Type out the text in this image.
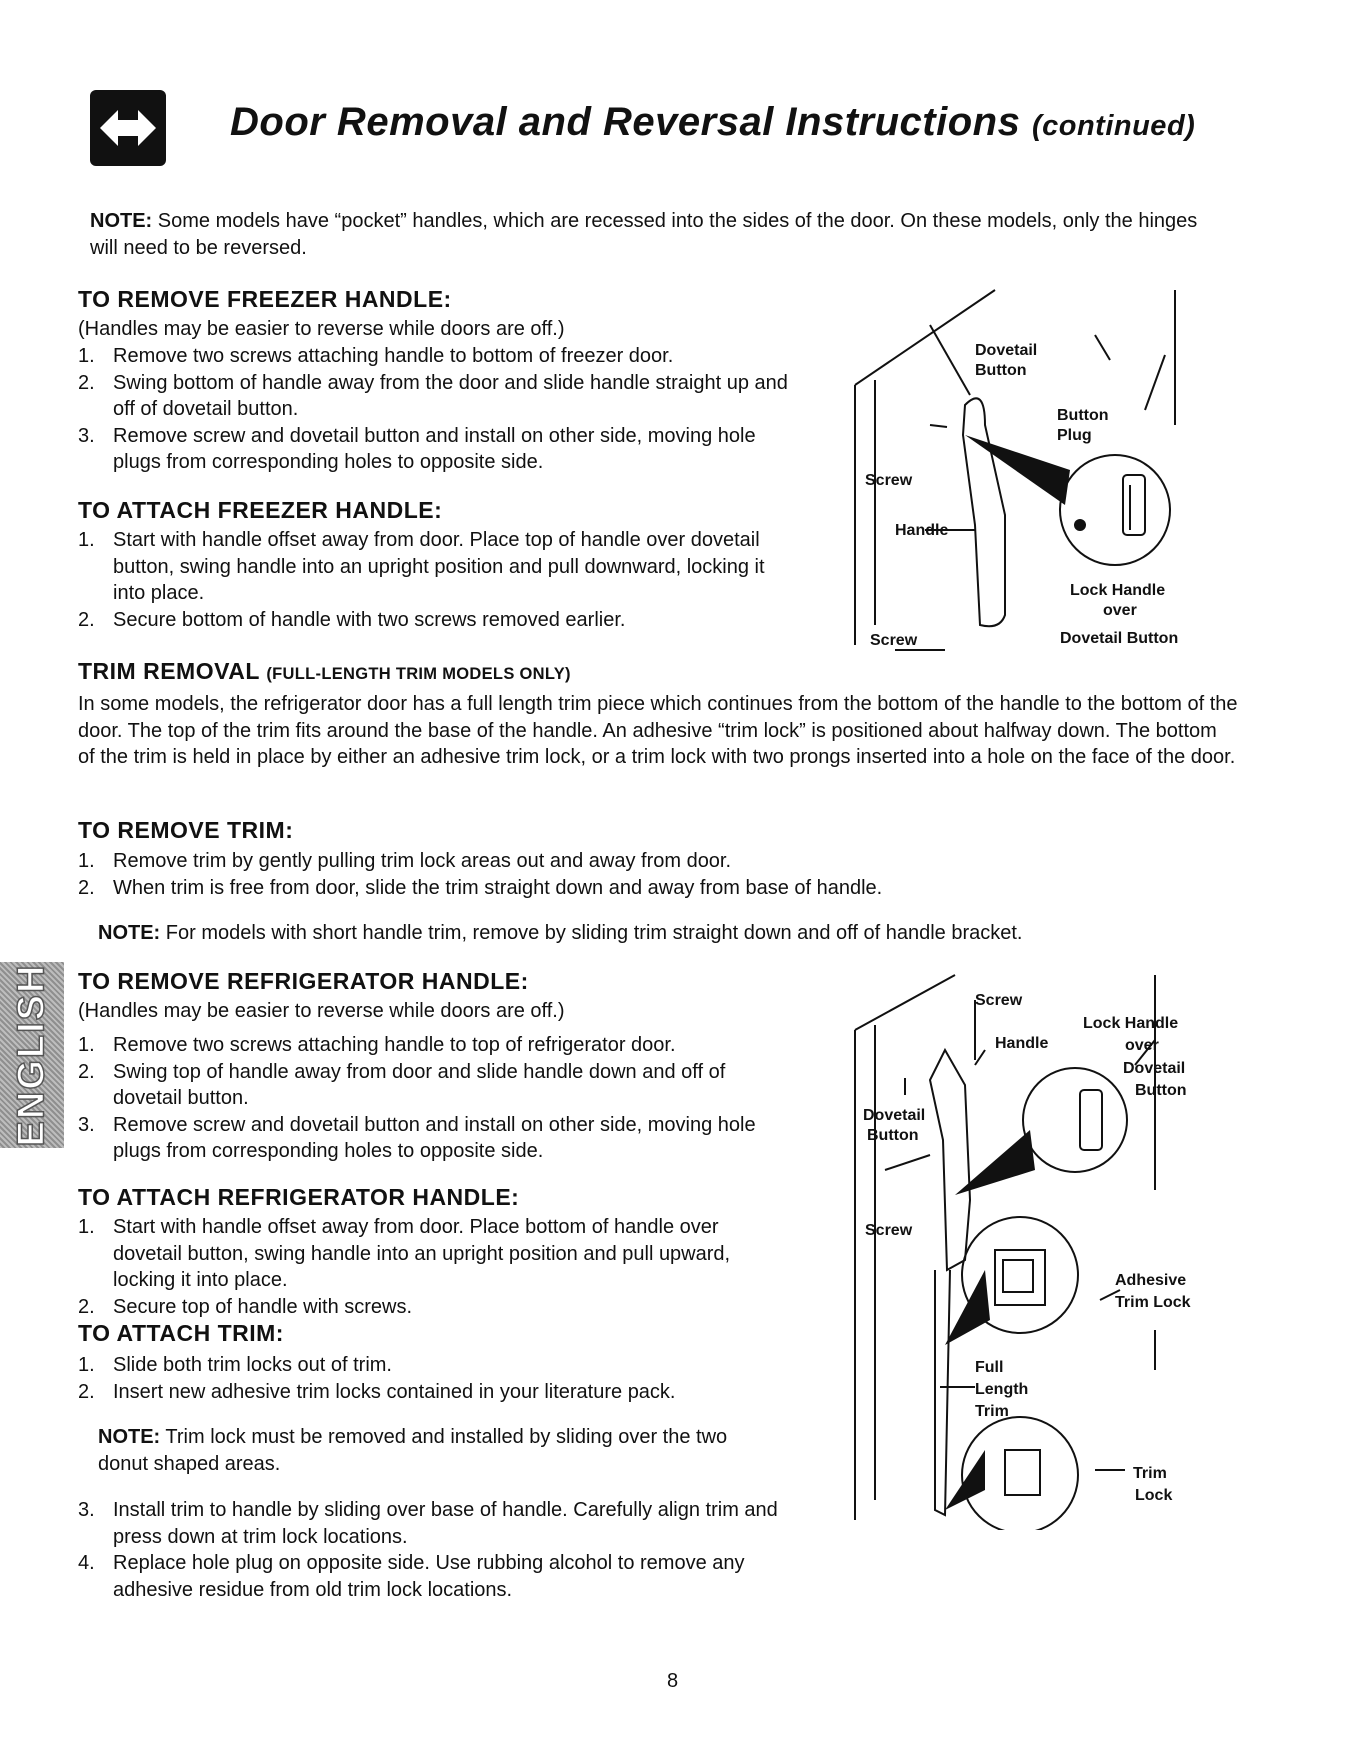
Door Removal and Reversal Instructions (continued)
NOTE: Some models have “pocket” handles, which are recessed into the sides of the door. On these models, only the hinges will need to be reversed.
TO REMOVE FREEZER HANDLE:
(Handles may be easier to reverse while doors are off.)
1. Remove two screws attaching handle to bottom of freezer door.
2. Swing bottom of handle away from the door and slide handle straight up and off of dovetail button.
3. Remove screw and dovetail button and install on other side, moving hole plugs from corresponding holes to opposite side.
TO ATTACH FREEZER HANDLE:
1. Start with handle offset away from door. Place top of handle over dovetail button, swing handle into an upright position and pull downward, locking it into place.
2. Secure bottom of handle with two screws removed earlier.
TRIM REMOVAL (FULL-LENGTH TRIM MODELS ONLY)
In some models, the refrigerator door has a full length trim piece which continues from the bottom of the handle to the bottom of the door. The top of the trim fits around the base of the handle. An adhesive “trim lock” is positioned about halfway down. The bottom of the trim is held in place by either an adhesive trim lock, or a trim lock with two prongs inserted into a hole on the face of the door.
TO REMOVE TRIM:
1. Remove trim by gently pulling trim lock areas out and away from door.
2. When trim is free from door, slide the trim straight down and away from base of handle.
NOTE: For models with short handle trim, remove by sliding trim straight down and off of handle bracket.
ENGLISH TO REMOVE REFRIGERATOR HANDLE:
(Handles may be easier to reverse while doors are off.)
1. Remove two screws attaching handle to top of refrigerator door.
2. Swing top of handle away from door and slide handle down and off of dovetail button.
3. Remove screw and dovetail button and install on other side, moving hole plugs from corresponding holes to opposite side.
TO ATTACH REFRIGERATOR HANDLE:
1. Start with handle offset away from door. Place bottom of handle over dovetail button, swing handle into an upright position and pull upward, locking it into place.
2. Secure top of handle with screws.
TO ATTACH TRIM:
1. Slide both trim locks out of trim.
2. Insert new adhesive trim locks contained in your literature pack.
NOTE: Trim lock must be removed and installed by sliding over the two donut shaped areas.
3. Install trim to handle by sliding over base of handle. Carefully align trim and press down at trim lock locations.
4. Replace hole plug on opposite side. Use rubbing alcohol to remove any adhesive residue from old trim lock locations.
Dovetail
Button
Button
Plug
Screw
Handle
Lock Handle
over
Dovetail Button
Screw
Screw
Handle
Lock Handle
over
Dovetail
Button
Dovetail
Button
Screw
Adhesive
Trim Lock
Full
Length
Trim
Trim
Lock
8
